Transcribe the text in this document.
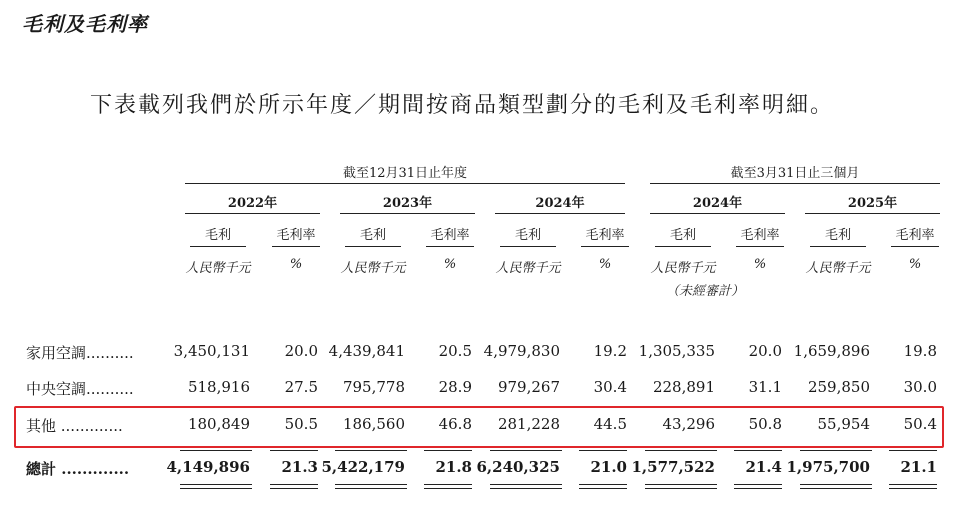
毛利及毛利率
下表載列我們於所示年度／期間按商品類型劃分的毛利及毛利率明細。
截至12月31日止年度	截至3月31日止三個月
2022年	2023年	2024年	2024年	2025年
毛利	毛利率
人民幣千元	%
毛利	毛利率
人民幣千元	%
毛利	毛利率
人民幣千元	%
毛利	毛利率
人民幣千元	%
毛利	毛利率
人民幣千元	%
（未經審計）
家用空調..........	3,450,131	20.0 4,439,841	20.5 4,979,830	19.2 1,305,335	20.0 1,659,896	19.8
中央空調..........	518,916	27.5	795,778	28.9	979,267	30.4	228,891	31.1	259,850	30.0
其他 .............	180,849	50.5	186,560	46.8	281,228	44.5	43,296	50.8	55,954	50.4
總計 .............	4,149,896	21.3 5,422,179	21.8 6,240,325	21.0 1,577,522	21.4 1,975,700	21.1
